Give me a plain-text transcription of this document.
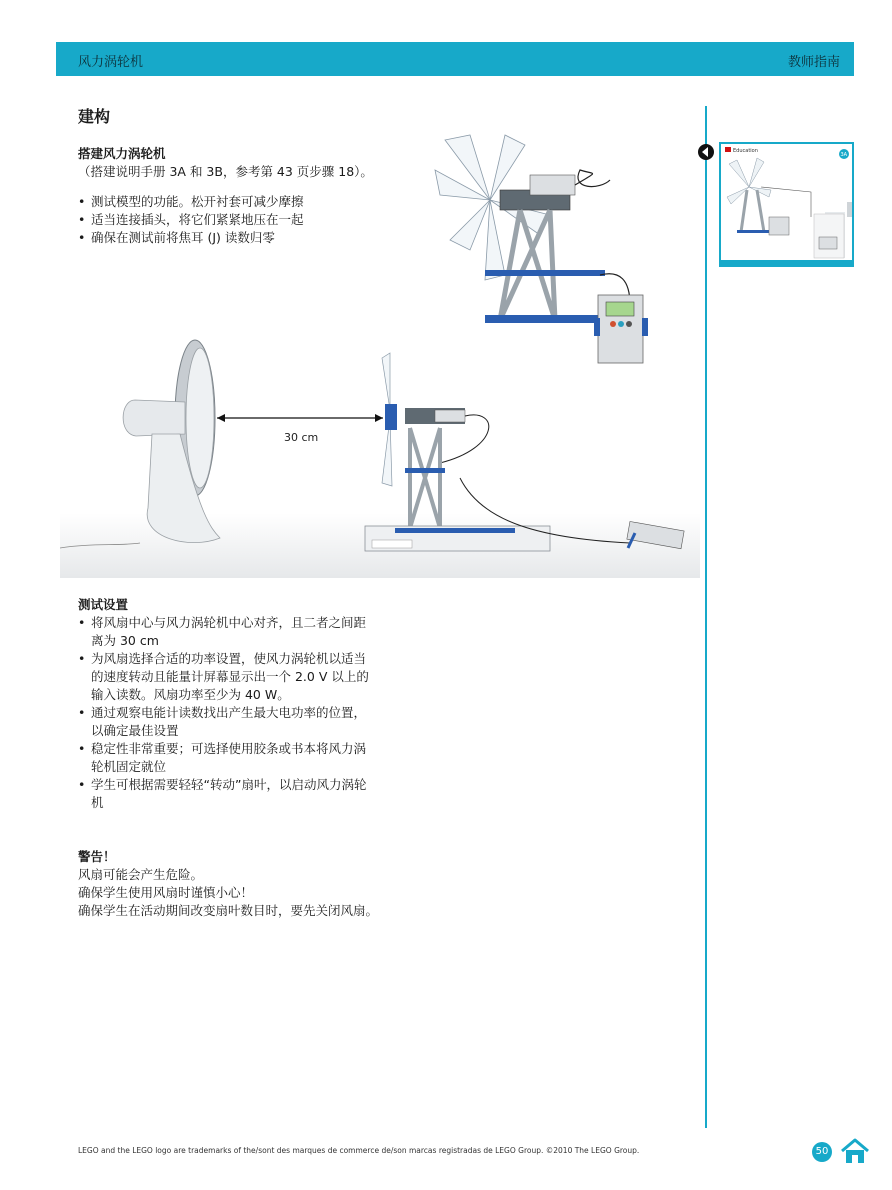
风力涡轮机	教师指南
建构
搭建风力涡轮机
（搭建说明手册 3A 和 3B，参考第 43 页步骤 18）。
• 测试模型的功能。松开衬套可减少摩擦
• 适当连接插头，将它们紧紧地压在一起
• 确保在测试前将焦耳 (J) 读数归零
30 cm
测试设置
• 将风扇中心与风力涡轮机中心对齐，且二者之间距离为 30 cm
• 为风扇选择合适的功率设置，使风力涡轮机以适当的速度转动且能量计屏幕显示出一个 2.0 V 以上的输入读数。风扇功率至少为 40 W。
• 通过观察电能计读数找出产生最大电功率的位置，以确定最佳设置
• 稳定性非常重要；可选择使用胶条或书本将风力涡轮机固定就位
• 学生可根据需要轻轻“转动”扇叶，以启动风力涡轮机
警告！
风扇可能会产生危险。
确保学生使用风扇时谨慎小心！
确保学生在活动期间改变扇叶数目时，要先关闭风扇。
Education
3A
LEGO and the LEGO logo are trademarks of the/sont des marques de commerce de/son marcas registradas de LEGO Group. ©2010 The LEGO Group.	50
